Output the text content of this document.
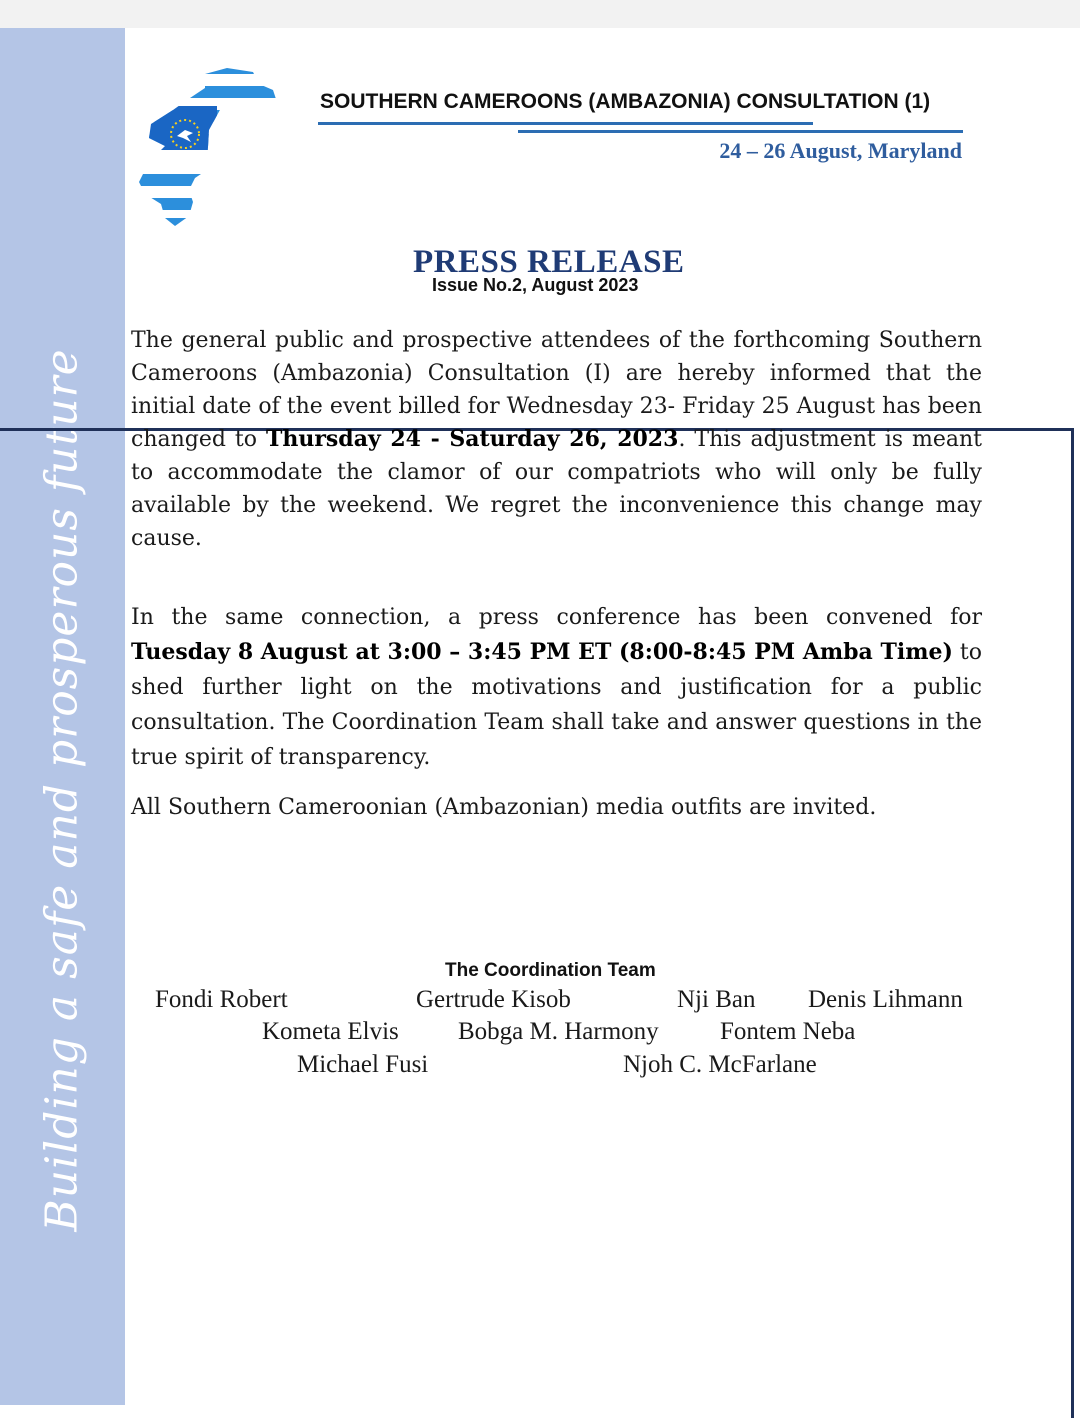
Building a safe and prosperous future
SOUTHERN CAMEROONS (AMBAZONIA) CONSULTATION (1)
24 – 26 August, Maryland
PRESS RELEASE
Issue No.2, August 2023

The general public and prospective attendees of the forthcoming Southern Cameroons (Ambazonia) Consultation (I) are hereby informed that the initial date of the event billed for Wednesday 23- Friday 25 August has been changed to Thursday 24 - Saturday 26, 2023. This adjustment is meant to accommodate the clamor of our compatriots who will only be fully available by the weekend. We regret the inconvenience this change may cause.

In the same connection, a press conference has been convened for Tuesday 8 August at 3:00 – 3:45 PM ET (8:00-8:45 PM Amba Time) to shed further light on the motivations and justification for a public consultation. The Coordination Team shall take and answer questions in the true spirit of transparency.

All Southern Cameroonian (Ambazonian) media outfits are invited.

The Coordination Team
Fondi Robert	Gertrude Kisob	Nji Ban Denis Lihmann
Kometa Elvis Bobga M. Harmony Fontem Neba
Michael Fusi	Njoh C. McFarlane
